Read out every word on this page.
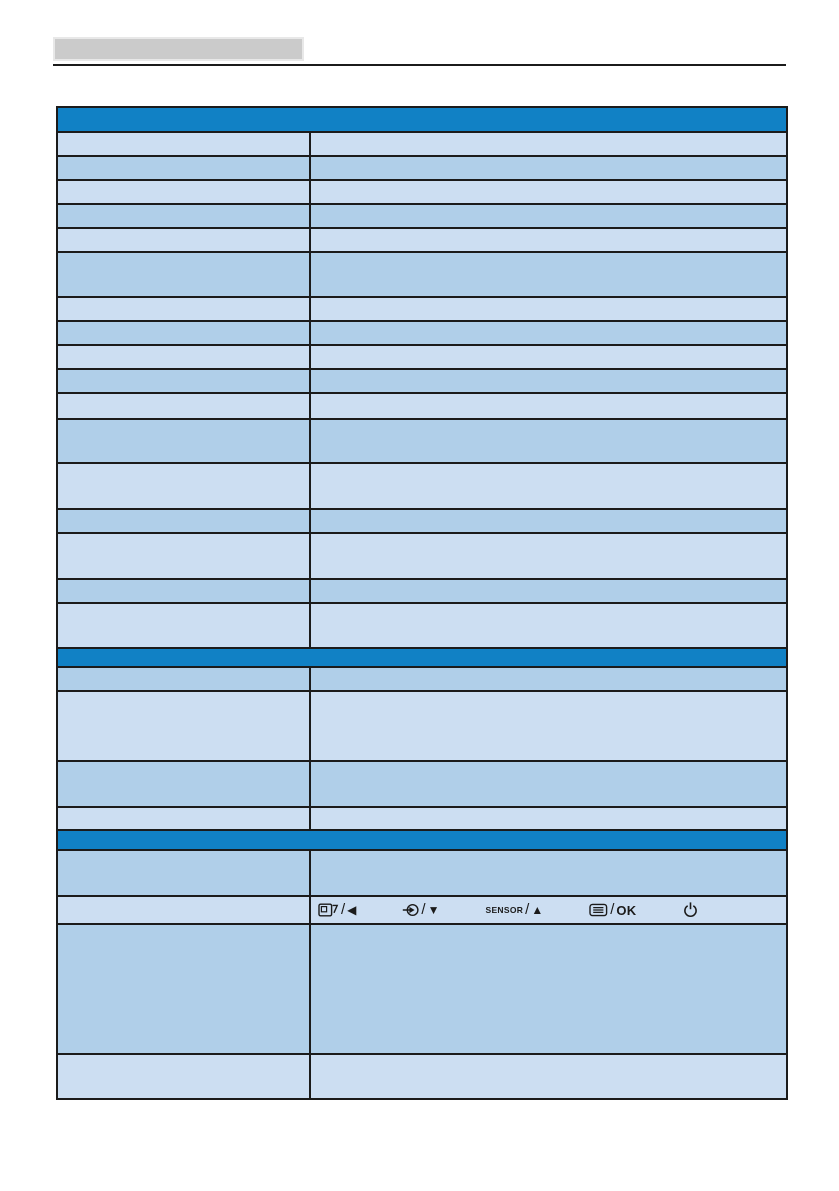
/ ◀	/ ▼	SENSOR / ▲	/ OK
